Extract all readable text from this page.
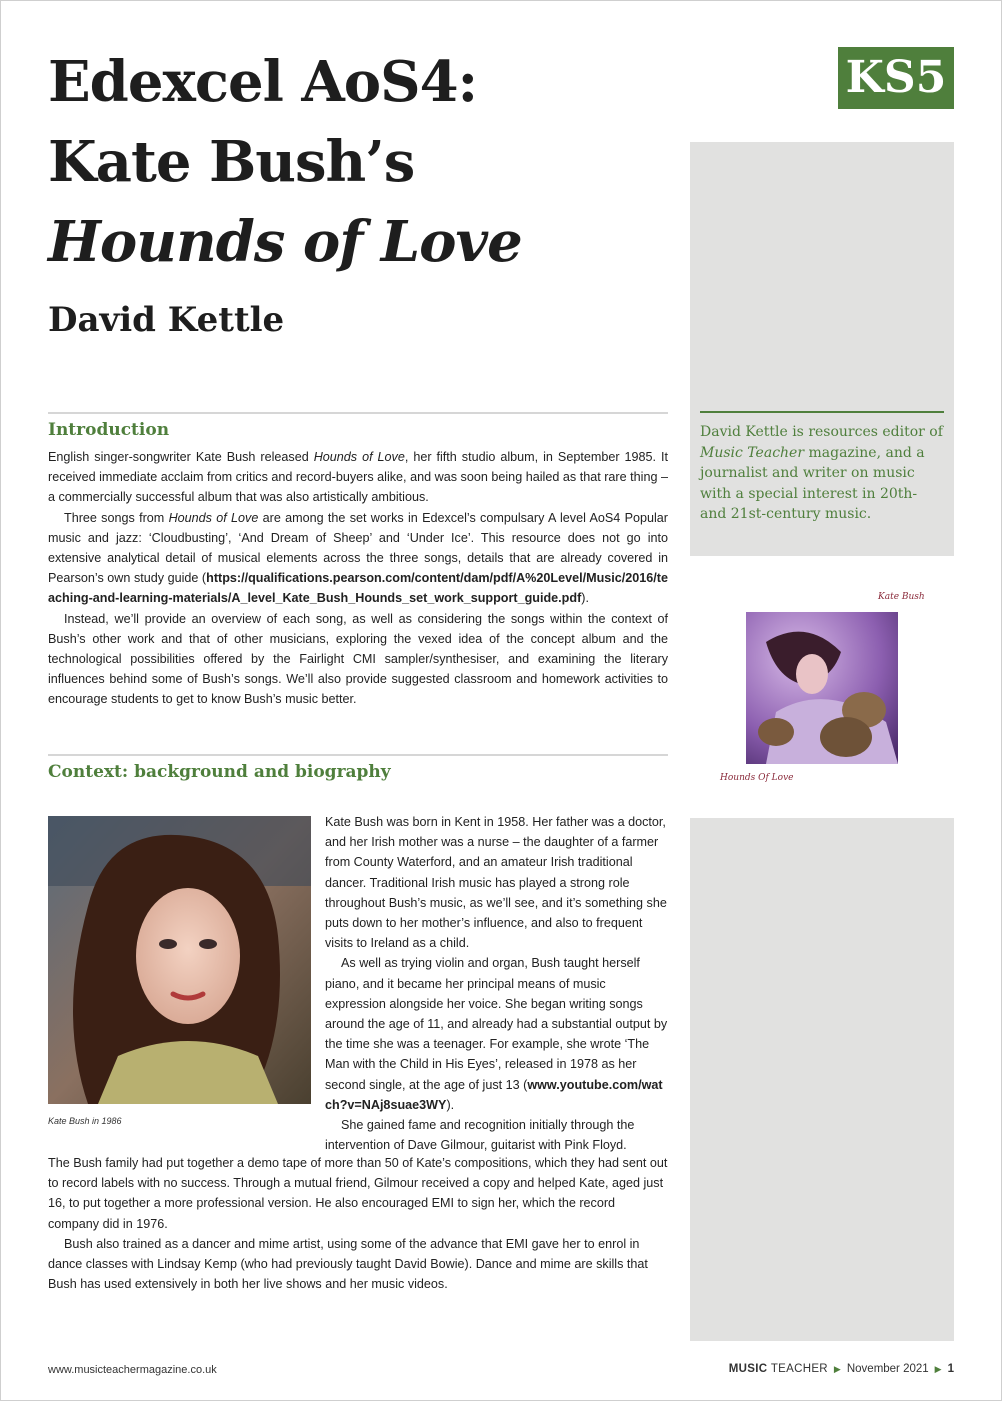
Edexcel AoS4:
Kate Bush’s
Hounds of Love
David Kettle
KS5

David Kettle is resources editor of Music Teacher magazine, and a journalist and writer on music with a special interest in 20th- and 21st-century music.

Kate Bush
Hounds Of Love
Introduction

English singer-songwriter Kate Bush released Hounds of Love, her fifth studio album, in September 1985. It received immediate acclaim from critics and record-buyers alike, and was soon being hailed as that rare thing – a commercially successful album that was also artistically ambitious.

Three songs from Hounds of Love are among the set works in Edexcel’s compulsary A level AoS4 Popular music and jazz: ‘Cloudbusting’, ‘And Dream of Sheep’ and ‘Under Ice’. This resource does not go into extensive analytical detail of musical elements across the three songs, details that are already covered in Pearson’s own study guide (https://qualifications.pearson.com/content/dam/pdf/A%20Level/Music/2016/teaching-and-learning-materials/A_level_Kate_Bush_Hounds_set_work_support_guide.pdf).

Instead, we’ll provide an overview of each song, as well as considering the songs within the context of Bush’s other work and that of other musicians, exploring the vexed idea of the concept album and the technological possibilities offered by the Fairlight CMI sampler/synthesiser, and examining the literary influences behind some of Bush’s songs. We’ll also provide suggested classroom and homework activities to encourage students to get to know Bush’s music better.

Context: background and biography
Kate Bush in 1986

Kate Bush was born in Kent in 1958. Her father was a doctor, and her Irish mother was a nurse – the daughter of a farmer from County Waterford, and an amateur Irish traditional dancer. Traditional Irish music has played a strong role throughout Bush’s music, as we’ll see, and it’s something she puts down to her mother’s influence, and also to frequent visits to Ireland as a child.

As well as trying violin and organ, Bush taught herself piano, and it became her principal means of music expression alongside her voice. She began writing songs around the age of 11, and already had a substantial output by the time she was a teenager. For example, she wrote ‘The Man with the Child in His Eyes’, released in 1978 as her second single, at the age of just 13 (www.youtube.com/watch?v=NAj8suae3WY).

She gained fame and recognition initially through the intervention of Dave Gilmour, guitarist with Pink Floyd.

The Bush family had put together a demo tape of more than 50 of Kate’s compositions, which they had sent out to record labels with no success. Through a mutual friend, Gilmour received a copy and helped Kate, aged just 16, to put together a more professional version. He also encouraged EMI to sign her, which the record company did in 1976.

Bush also trained as a dancer and mime artist, using some of the advance that EMI gave her to enrol in dance classes with Lindsay Kemp (who had previously taught David Bowie). Dance and mime are skills that Bush has used extensively in both her live shows and her music videos.

www.musicteachermagazine.co.uk	MUSIC TEACHER ▶ November 2021 ▶ 1
